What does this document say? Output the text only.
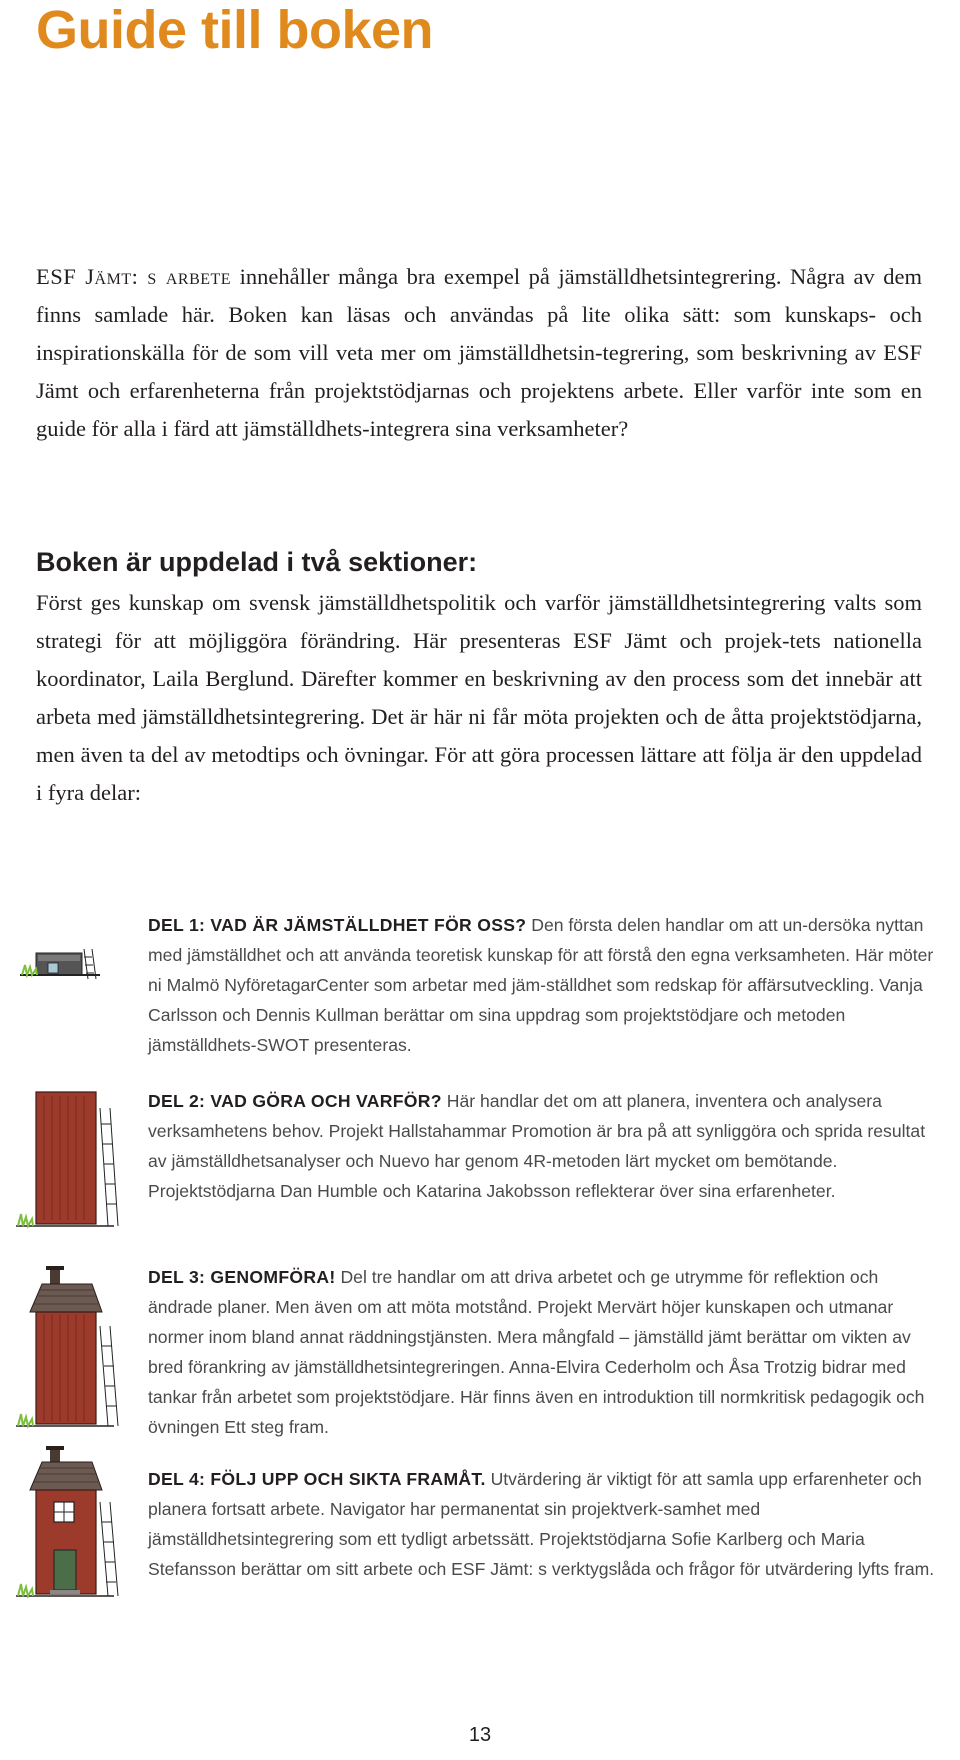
Guide till boken

ESF Jämt: s arbete innehåller många bra exempel på jämställdhetsintegrering. Några av dem finns samlade här. Boken kan läsas och användas på lite olika sätt: som kunskaps- och inspirationskälla för de som vill veta mer om jämställdhetsin-tegrering, som beskrivning av ESF Jämt och erfarenheterna från projektstödjarnas och projektens arbete. Eller varför inte som en guide för alla i färd att jämställdhets-integrera sina verksamheter?

Boken är uppdelad i två sektioner:

Först ges kunskap om svensk jämställdhetspolitik och varför jämställdhetsintegrering valts som strategi för att möjliggöra förändring. Här presenteras ESF Jämt och projek-tets nationella koordinator, Laila Berglund. Därefter kommer en beskrivning av den process som det innebär att arbeta med jämställdhetsintegrering. Det är här ni får möta projekten och de åtta projektstödjarna, men även ta del av metodtips och övningar. För att göra processen lättare att följa är den uppdelad i fyra delar:

DEL 1: VAD ÄR JÄMSTÄLLDHET FÖR OSS? Den första delen handlar om att un-dersöka nyttan med jämställdhet och att använda teoretisk kunskap för att förstå den egna verksamheten. Här möter ni Malmö NyföretagarCenter som arbetar med jäm-ställdhet som redskap för affärsutveckling. Vanja Carlsson och Dennis Kullman berättar om sina uppdrag som projektstödjare och metoden jämställdhets-SWOT presenteras.

DEL 2: VAD GÖRA OCH VARFÖR? Här handlar det om att planera, inventera och analysera verksamhetens behov. Projekt Hallstahammar Promotion är bra på att synliggöra och sprida resultat av jämställdhetsanalyser och Nuevo har genom 4R-metoden lärt mycket om bemötande. Projektstödjarna Dan Humble och Katarina Jakobsson reflekterar över sina erfarenheter.

DEL 3: GENOMFÖRA! Del tre handlar om att driva arbetet och ge utrymme för reflektion och ändrade planer. Men även om att möta motstånd. Projekt Mervärt höjer kunskapen och utmanar normer inom bland annat räddningstjänsten. Mera mångfald – jämställd jämt berättar om vikten av bred förankring av jämställdhetsintegreringen. Anna-Elvira Cederholm och Åsa Trotzig bidrar med tankar från arbetet som projektstödjare. Här finns även en introduktion till normkritisk pedagogik och övningen Ett steg fram.

DEL 4: FÖLJ UPP OCH SIKTA FRAMÅT. Utvärdering är viktigt för att samla upp erfarenheter och planera fortsatt arbete. Navigator har permanentat sin projektverk-samhet med jämställdhetsintegrering som ett tydligt arbetssätt. Projektstödjarna Sofie Karlberg och Maria Stefansson berättar om sitt arbete och ESF Jämt: s verktygslåda och frågor för utvärdering lyfts fram.

13
